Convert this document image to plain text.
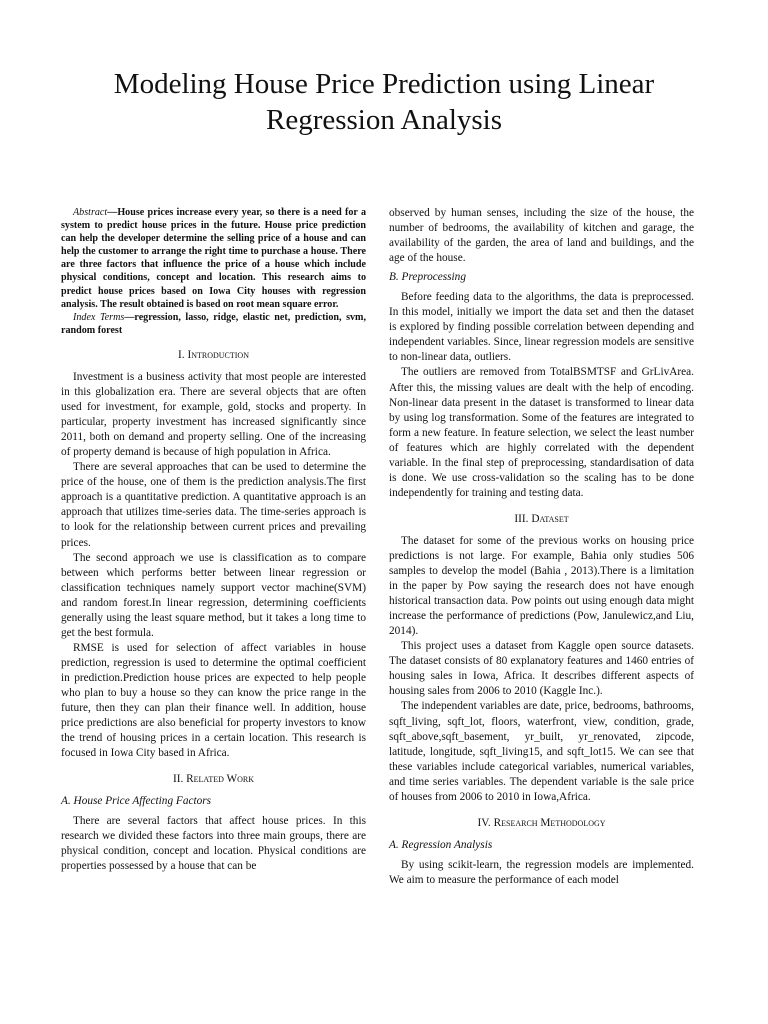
Modeling House Price Prediction using Linear Regression Analysis

Abstract—House prices increase every year, so there is a need for a system to predict house prices in the future. House price prediction can help the developer determine the selling price of a house and can help the customer to arrange the right time to purchase a house. There are three factors that influence the price of a house which include physical conditions, concept and location. This research aims to predict house prices based on Iowa City houses with regression analysis. The result obtained is based on root mean square error.

Index Terms—regression, lasso, ridge, elastic net, prediction, svm, random forest

I. Introduction

Investment is a business activity that most people are interested in this globalization era. There are several objects that are often used for investment, for example, gold, stocks and property. In particular, property investment has increased significantly since 2011, both on demand and property selling. One of the increasing of property demand is because of high population in Africa.

There are several approaches that can be used to determine the price of the house, one of them is the prediction analysis.The first approach is a quantitative prediction. A quantitative approach is an approach that utilizes time-series data. The time-series approach is to look for the relationship between current prices and prevailing prices.

The second approach we use is classification as to compare between which performs better between linear regression or classification techniques namely support vector machine(SVM) and random forest.In linear regression, determining coefficients generally using the least square method, but it takes a long time to get the best formula.

RMSE is used for selection of affect variables in house prediction, regression is used to determine the optimal coefficient in prediction.Prediction house prices are expected to help people who plan to buy a house so they can know the price range in the future, then they can plan their finance well. In addition, house price predictions are also beneficial for property investors to know the trend of housing prices in a certain location. This research is focused in Iowa City based in Africa.

II. Related Work
A. House Price Affecting Factors

There are several factors that affect house prices. In this research we divided these factors into three main groups, there are physical condition, concept and location. Physical conditions are properties possessed by a house that can be

observed by human senses, including the size of the house, the number of bedrooms, the availability of kitchen and garage, the availability of the garden, the area of land and buildings, and the age of the house.

B. Preprocessing

Before feeding data to the algorithms, the data is preprocessed. In this model, initially we import the data set and then the dataset is explored by finding possible correlation between depending and independent variables. Since, linear regression models are sensitive to non-linear data, outliers.

The outliers are removed from TotalBSMTSF and GrLivArea. After this, the missing values are dealt with the help of encoding. Non-linear data present in the dataset is transformed to linear data by using log transformation. Some of the features are integrated to form a new feature. In feature selection, we select the least number of features which are highly correlated with the dependent variable. In the final step of preprocessing, standardisation of data is done. We use cross-validation so the scaling has to be done independently for training and testing data.

III. Dataset

The dataset for some of the previous works on housing price predictions is not large. For example, Bahia only studies 506 samples to develop the model (Bahia , 2013).There is a limitation in the paper by Pow saying the research does not have enough historical transaction data. Pow points out using enough data might increase the performance of predictions (Pow, Janulewicz,and Liu, 2014).

This project uses a dataset from Kaggle open source datasets. The dataset consists of 80 explanatory features and 1460 entries of housing sales in Iowa, Africa. It describes different aspects of housing sales from 2006 to 2010 (Kaggle Inc.).

The independent variables are date, price, bedrooms, bathrooms, sqft_living, sqft_lot, floors, waterfront, view, condition, grade, sqft_above,sqft_basement, yr_built, yr_renovated, zipcode, latitude, longitude, sqft_living15, and sqft_lot15. We can see that these variables include categorical variables, numerical variables, and time series variables. The dependent variable is the sale price of houses from 2006 to 2010 in Iowa,Africa.

IV. Research Methodology
A. Regression Analysis

By using scikit-learn, the regression models are implemented. We aim to measure the performance of each model
